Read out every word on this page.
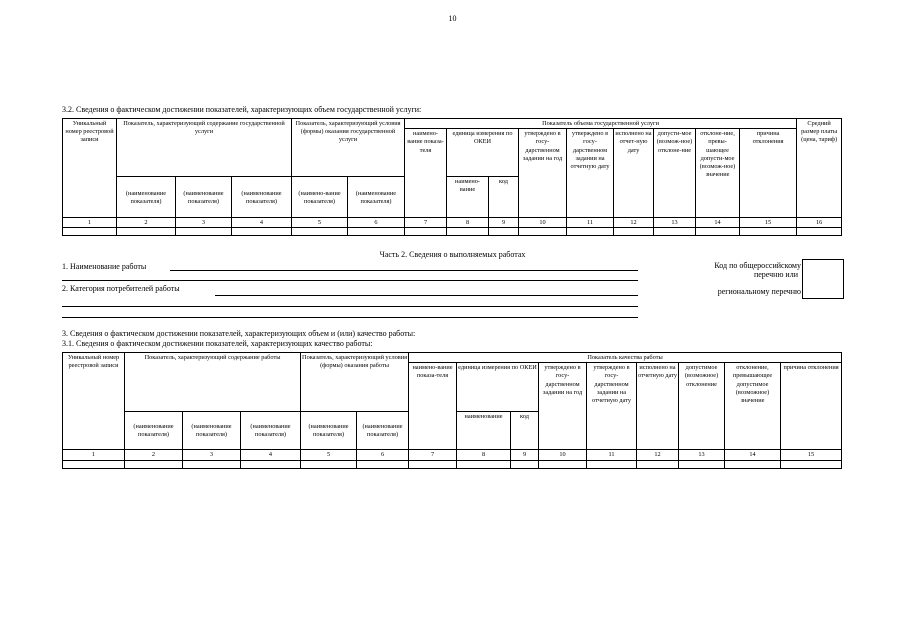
10
3.2. Сведения о фактическом достижении показателей, характеризующих объем государственной услуги:
Уникальный номер реестровой записи	Показатель, характеризующий содержание государственной услуги			Показатель, характеризующий условия (формы) оказания государственной услуги		Показатель объема государственной услуги									Средний размер платы (цена, тариф)
						наимено-вание показа-теля	единица измерения по ОКЕИ		утверждено в госу-дарственном задании на год	утверждено в госу-дарственном задании на отчетную дату	исполнено на отчет-ную дату	допусти-мое (возмож-ное) отклоне-ние	отклоне-ние, превы-шающее допусти-мое (возмож-ное) значение	причина отклонения	
	(наименование показателя)	(наименование показателя)	(наименование показателя)	(наимено-вание показателя)	(наименование показателя)		наимено-вание	код							
1	2	3	4	5	6	7	8	9	10	11	12	13	14	15	16

Часть 2. Сведения о выполняемых работах
1. Наименование работы
2. Категория потребителей работы
Код по общероссийскому
перечню или
региональному перечню
3. Сведения о фактическом достижении показателей, характеризующих объем и (или) качество работы:
3.1. Сведения о фактическом достижении показателей, характеризующих качество работы:
Уникальный номер реестровой записи	Показатель, характеризующий содержание работы			Показатель, характеризующий условия (формы) оказания работы		Показатель качества работы								
						наимено-вание показа-теля	единица измерения по ОКЕИ		утверждено в госу-дарственном задании на год	утверждено в госу-дарственном задании на отчетную дату	исполнено на отчетную дату	допустимое (возможное) отклонение	отклонение, превышающее допустимое (возможное) значение	причина отклонения
	(наименование показателя)	(наименование показателя)	(наименование показателя)	(наименование показателя)	(наименование показателя)		наименование	код						
1	2	3	4	5	6	7	8	9	10	11	12	13	14	15
